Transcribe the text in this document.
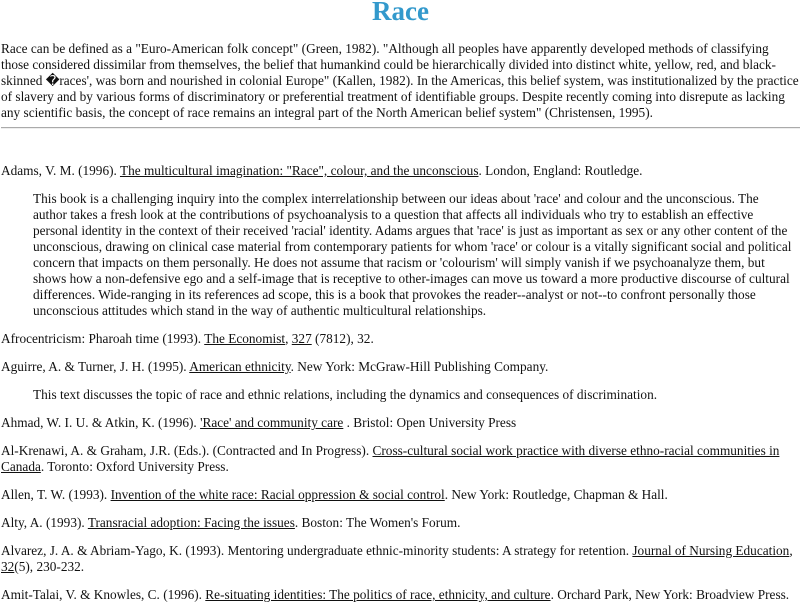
Race

Race can be defined as a "Euro-American folk concept" (Green, 1982). "Although all peoples have apparently developed methods of classifying those considered dissimilar from themselves, the belief that humankind could be hierarchically divided into distinct white, yellow, red, and black-skinned �races', was born and nourished in colonial Europe" (Kallen, 1982). In the Americas, this belief system, was institutionalized by the practice of slavery and by various forms of discriminatory or preferential treatment of identifiable groups. Despite recently coming into disrepute as lacking any scientific basis, the concept of race remains an integral part of the North American belief system" (Christensen, 1995).

Adams, V. M. (1996). The multicultural imagination: "Race", colour, and the unconscious. London, England: Routledge.

This book is a challenging inquiry into the complex interrelationship between our ideas about 'race' and colour and the unconscious. The author takes a fresh look at the contributions of psychoanalysis to a question that affects all individuals who try to establish an effective personal identity in the context of their received 'racial' identity. Adams argues that 'race' is just as important as sex or any other content of the unconscious, drawing on clinical case material from contemporary patients for whom 'race' or colour is a vitally significant social and political concern that impacts on them personally. He does not assume that racism or 'colourism' will simply vanish if we psychoanalyze them, but shows how a non-defensive ego and a self-image that is receptive to other-images can move us toward a more productive discourse of cultural differences. Wide-ranging in its references ad scope, this is a book that provokes the reader--analyst or not--to confront personally those unconscious attitudes which stand in the way of authentic multicultural relationships.

Afrocentricism: Pharoah time (1993). The Economist, 327 (7812), 32.

Aguirre, A. & Turner, J. H. (1995). American ethnicity. New York: McGraw-Hill Publishing Company.

This text discusses the topic of race and ethnic relations, including the dynamics and consequences of discrimination.

Ahmad, W. I. U. & Atkin, K. (1996). 'Race' and community care . Bristol: Open University Press

Al-Krenawi, A. & Graham, J.R. (Eds.). (Contracted and In Progress). Cross-cultural social work practice with diverse ethno-racial communities in Canada. Toronto: Oxford University Press.

Allen, T. W. (1993). Invention of the white race: Racial oppression & social control. New York: Routledge, Chapman & Hall.

Alty, A. (1993). Transracial adoption: Facing the issues. Boston: The Women's Forum.

Alvarez, J. A. & Abriam-Yago, K. (1993). Mentoring undergraduate ethnic-minority students: A strategy for retention. Journal of Nursing Education, 32(5), 230-232.

Amit-Talai, V. & Knowles, C. (1996). Re-situating identities: The politics of race, ethnicity, and culture. Orchard Park, New York: Broadview Press.
